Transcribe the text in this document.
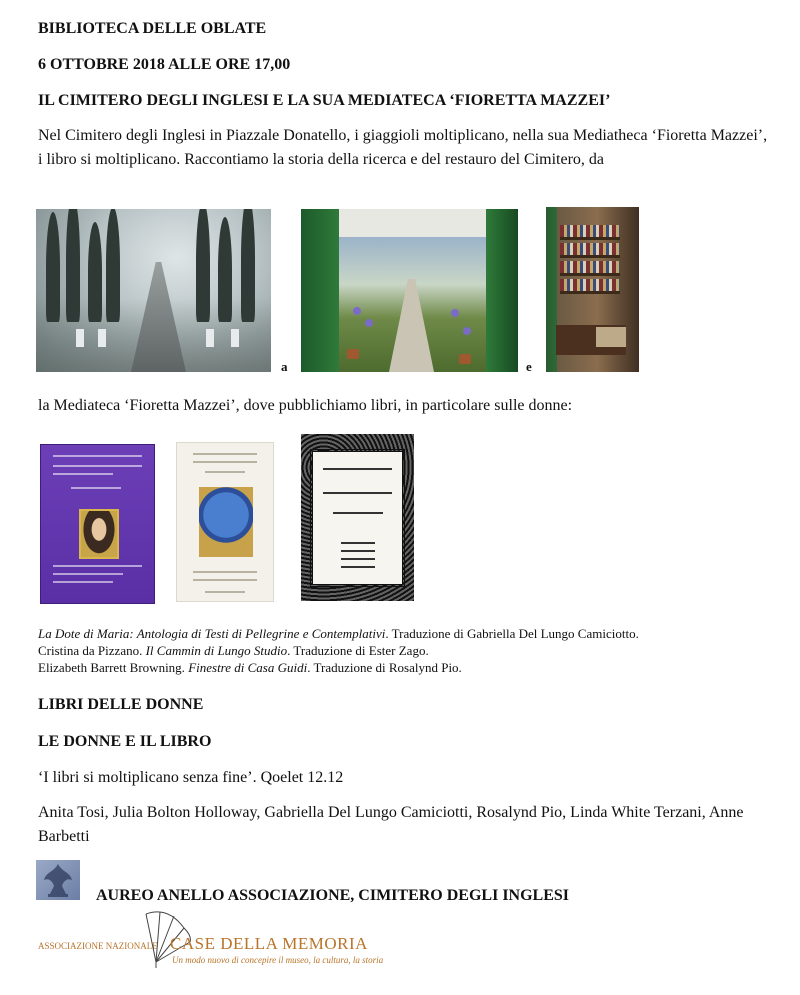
BIBLIOTECA DELLE OBLATE
6 OTTOBRE 2018 ALLE ORE 17,00
IL CIMITERO DEGLI INGLESI E LA SUA MEDIATECA ‘FIORETTA MAZZEI’
Nel Cimitero degli Inglesi in Piazzale Donatello, i giaggioli moltiplicano, nella sua Mediatheca ‘Fioretta Mazzei’, i libro si moltiplicano. Raccontiamo la storia della ricerca e del restauro del Cimitero, da
a	e
la Mediateca ‘Fioretta Mazzei’, dove pubblichiamo libri, in particolare sulle donne:
La Dote di Maria: Antologia di Testi di Pellegrine e Contemplativi. Traduzione di Gabriella Del Lungo Camiciotto.
Cristina da Pizzano. Il Cammin di Lungo Studio. Traduzione di Ester Zago.
Elizabeth Barrett Browning. Finestre di Casa Guidi. Traduzione di Rosalynd Pio.
LIBRI DELLE DONNE
LE DONNE E IL LIBRO
‘I libri si moltiplicano senza fine’. Qoelet 12.12
Anita Tosi, Julia Bolton Holloway, Gabriella Del Lungo Camiciotti, Rosalynd Pio, Linda White Terzani, Anne Barbetti
AUREO ANELLO ASSOCIAZIONE, CIMITERO DEGLI INGLESI
ASSOCIAZIONE NAZIONALE CASE DELLA MEMORIA
Un modo nuovo di concepire il museo, la cultura, la storia
